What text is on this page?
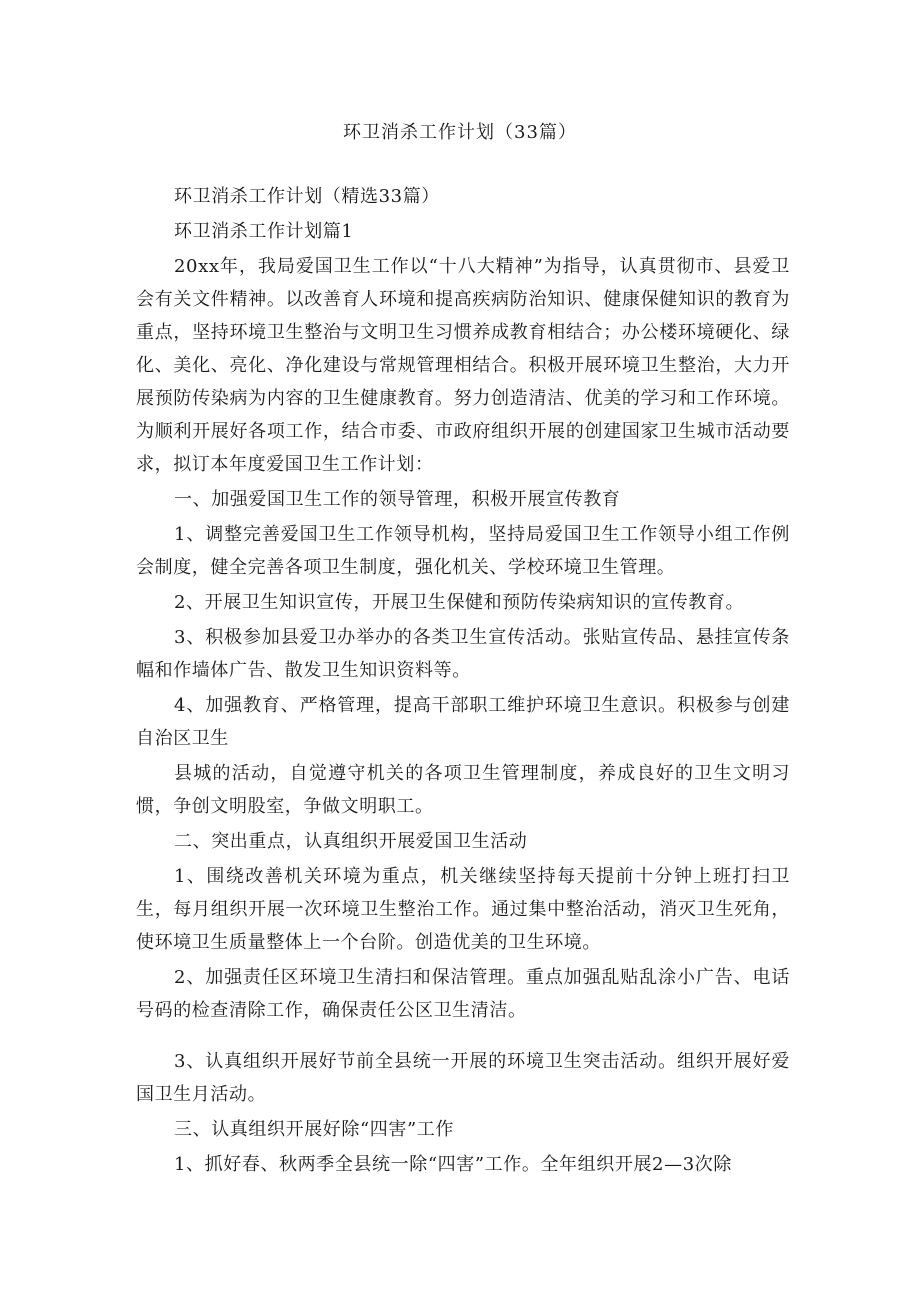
环卫消杀工作计划（33篇）

环卫消杀工作计划（精选33篇）

环卫消杀工作计划篇1

20xx年，我局爱国卫生工作以“十八大精神”为指导，认真贯彻市、县爱卫会有关文件精神。以改善育人环境和提高疾病防治知识、健康保健知识的教育为重点，坚持环境卫生整治与文明卫生习惯养成教育相结合；办公楼环境硬化、绿化、美化、亮化、净化建设与常规管理相结合。积极开展环境卫生整治，大力开展预防传染病为内容的卫生健康教育。努力创造清洁、优美的学习和工作环境。为顺利开展好各项工作，结合市委、市政府组织开展的创建国家卫生城市活动要求，拟订本年度爱国卫生工作计划：

一、加强爱国卫生工作的领导管理，积极开展宣传教育

1、调整完善爱国卫生工作领导机构，坚持局爱国卫生工作领导小组工作例会制度，健全完善各项卫生制度，强化机关、学校环境卫生管理。

2、开展卫生知识宣传，开展卫生保健和预防传染病知识的宣传教育。

3、积极参加县爱卫办举办的各类卫生宣传活动。张贴宣传品、悬挂宣传条幅和作墙体广告、散发卫生知识资料等。

4、加强教育、严格管理，提高干部职工维护环境卫生意识。积极参与创建自治区卫生

县城的活动，自觉遵守机关的各项卫生管理制度，养成良好的卫生文明习惯，争创文明股室，争做文明职工。

二、突出重点，认真组织开展爱国卫生活动

1、围绕改善机关环境为重点，机关继续坚持每天提前十分钟上班打扫卫生，每月组织开展一次环境卫生整治工作。通过集中整治活动，消灭卫生死角，使环境卫生质量整体上一个台阶。创造优美的卫生环境。

2、加强责任区环境卫生清扫和保洁管理。重点加强乱贴乱涂小广告、电话号码的检查清除工作，确保责任公区卫生清洁。

3、认真组织开展好节前全县统一开展的环境卫生突击活动。组织开展好爱国卫生月活动。

三、认真组织开展好除“四害”工作

1、抓好春、秋两季全县统一除“四害”工作。全年组织开展2—3次除
